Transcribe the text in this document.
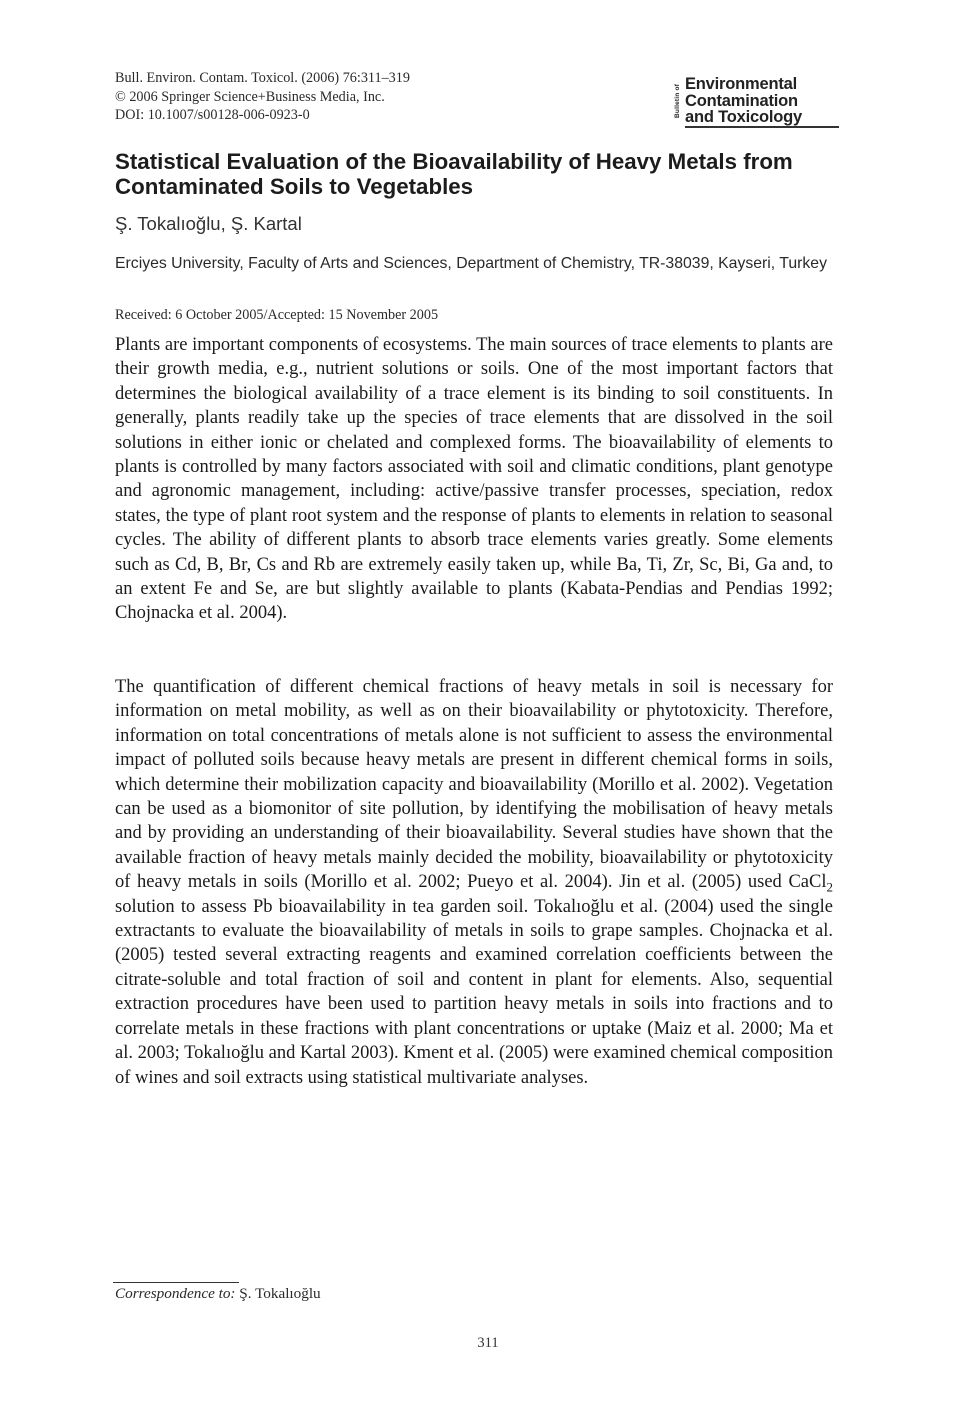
Bull. Environ. Contam. Toxicol. (2006) 76:311–319
© 2006 Springer Science+Business Media, Inc.
DOI: 10.1007/s00128-006-0923-0	Bulletin of
Environmental
Contamination
and Toxicology
Statistical Evaluation of the Bioavailability of Heavy Metals from Contaminated Soils to Vegetables
Ş. Tokalıoğlu, Ş. Kartal
Erciyes University, Faculty of Arts and Sciences, Department of Chemistry, TR-38039, Kayseri, Turkey
Received: 6 October 2005/Accepted: 15 November 2005

Plants are important components of ecosystems. The main sources of trace elements to plants are their growth media, e.g., nutrient solutions or soils. One of the most important factors that determines the biological availability of a trace element is its binding to soil constituents. In generally, plants readily take up the species of trace elements that are dissolved in the soil solutions in either ionic or chelated and complexed forms. The bioavailability of elements to plants is controlled by many factors associated with soil and climatic conditions, plant genotype and agronomic management, including: active/passive transfer processes, speciation, redox states, the type of plant root system and the response of plants to elements in relation to seasonal cycles. The ability of different plants to absorb trace elements varies greatly. Some elements such as Cd, B, Br, Cs and Rb are extremely easily taken up, while Ba, Ti, Zr, Sc, Bi, Ga and, to an extent Fe and Se, are but slightly available to plants (Kabata-Pendias and Pendias 1992; Chojnacka et al. 2004).

The quantification of different chemical fractions of heavy metals in soil is necessary for information on metal mobility, as well as on their bioavailability or phytotoxicity. Therefore, information on total concentrations of metals alone is not sufficient to assess the environmental impact of polluted soils because heavy metals are present in different chemical forms in soils, which determine their mobilization capacity and bioavailability (Morillo et al. 2002). Vegetation can be used as a biomonitor of site pollution, by identifying the mobilisation of heavy metals and by providing an understanding of their bioavailability. Several studies have shown that the available fraction of heavy metals mainly decided the mobility, bioavailability or phytotoxicity of heavy metals in soils (Morillo et al. 2002; Pueyo et al. 2004). Jin et al. (2005) used CaCl$_2$ solution to assess Pb bioavailability in tea garden soil. Tokalıoğlu et al. (2004) used the single extractants to evaluate the bioavailability of metals in soils to grape samples. Chojnacka et al. (2005) tested several extracting reagents and examined correlation coefficients between the citrate-soluble and total fraction of soil and content in plant for elements. Also, sequential extraction procedures have been used to partition heavy metals in soils into fractions and to correlate metals in these fractions with plant concentrations or uptake (Maiz et al. 2000; Ma et al. 2003; Tokalıoğlu and Kartal 2003). Kment et al. (2005) were examined chemical composition of wines and soil extracts using statistical multivariate analyses.

Correspondence to: Ş. Tokalıoğlu
311
